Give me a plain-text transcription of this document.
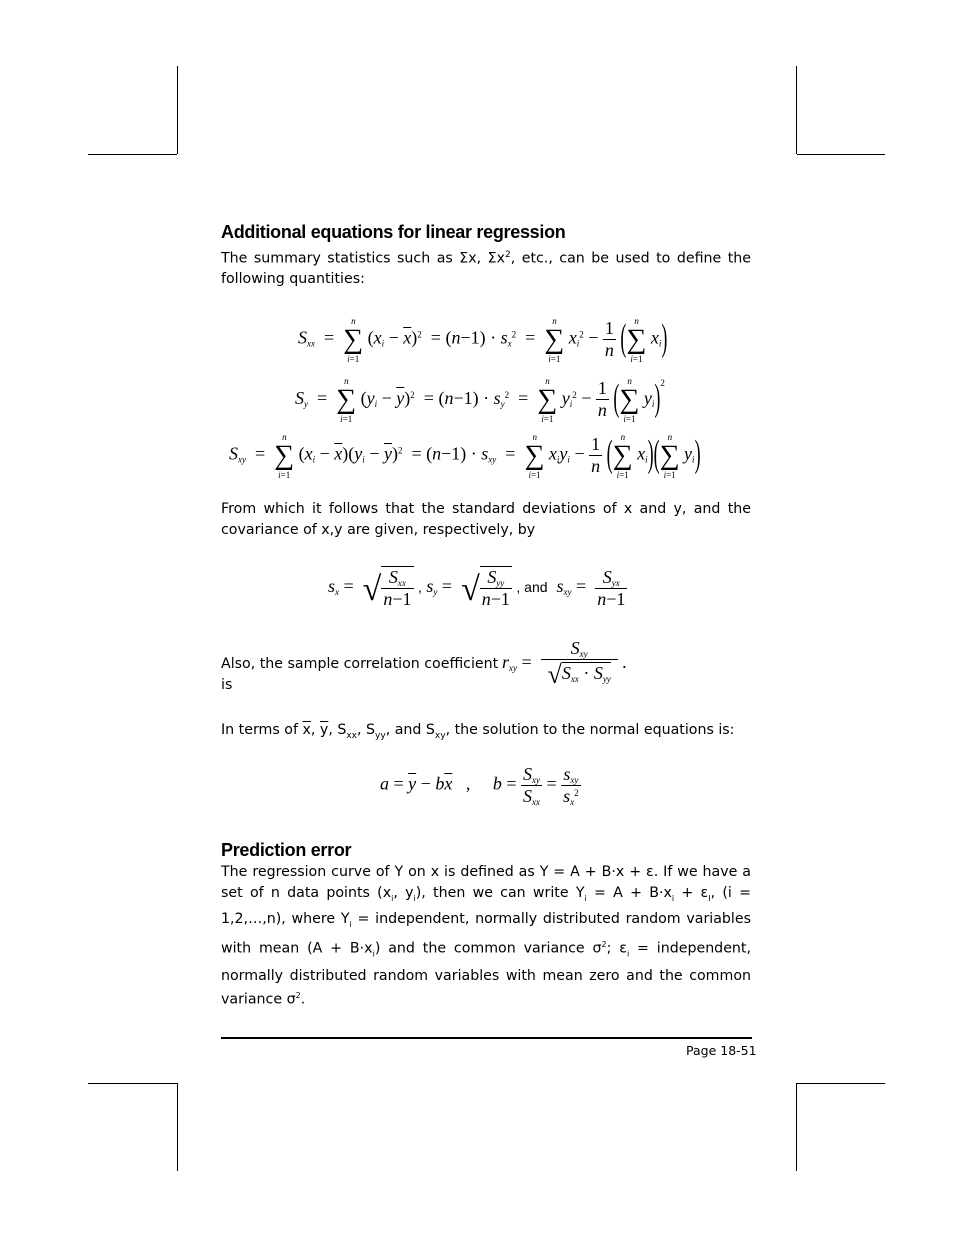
Additional equations for linear regression
The summary statistics such as Σx, $\Sigma x^2$, etc., can be used to define the following quantities:
Sxx  =
n
∑
i=1
$(xi - \overline{x})^2 = (n-1) \cdot sx^2$  =
n
∑
i=1
$xi^2 - \frac{1}{n}$ ( n
∑
i=1
xi)
Sy  =
n
∑
i=1
$(yi - \overline{y})^2 = (n-1) \cdot sy^2$  =
n
∑
i=1
$yi^2 - \frac{1}{n}$ ( n
∑
i=1
yi)$^2$
Sxy  =
n
∑
i=1
$(xi - \overline{x})(yi - \overline{y})^2 = (n-1)$ · sxy  =
n
∑
i=1
xiyi − $\frac{1}{n}$ ( n
∑
i=1
xi)( n
∑
i=1
yi)
From which it follows that the standard deviations of x and y, and the covariance of x,y are given, respectively, by
sx =  √ $\frac{\text{Sxx}}{n-1}$ , sy =  √ $\frac{\text{Syy}}{n-1}$ , and  sxy = $\frac{\text{Syx}}{n-1}$
Also, the sample correlation coefficient is
rxy = $\frac{\text{Sxy}}{\text{√Sxx · Syy}}$ .
In terms of $\overline{x}$, $\overline{y}$, $S_{xx}$, $S_{yy}$, and $S_{xy}$, the solution to the normal equations is:
$a = \overline{y} - b\overline{x}$   ,     $b = \frac{\text{Sxy}}{\text{Sxx}} = \frac{\text{sxy}}{sx^2}$
Prediction error
The regression curve of Y on x is defined as Y = A + B·x + ε. If we have a set of n data points ($x_i$, $y_i$), then we can write $Y_i = A + B\cdot x_i + \varepsilon_I$, (i = 1,2,…,n), where $Y_i$ = independent, normally distributed random variables with mean $(A + B\cdot x_i)$ and the common variance $\sigma^2$; $\varepsilon_i$ = independent, normally distributed random variables with mean zero and the common variance $\sigma^2$.
Page 18-51
